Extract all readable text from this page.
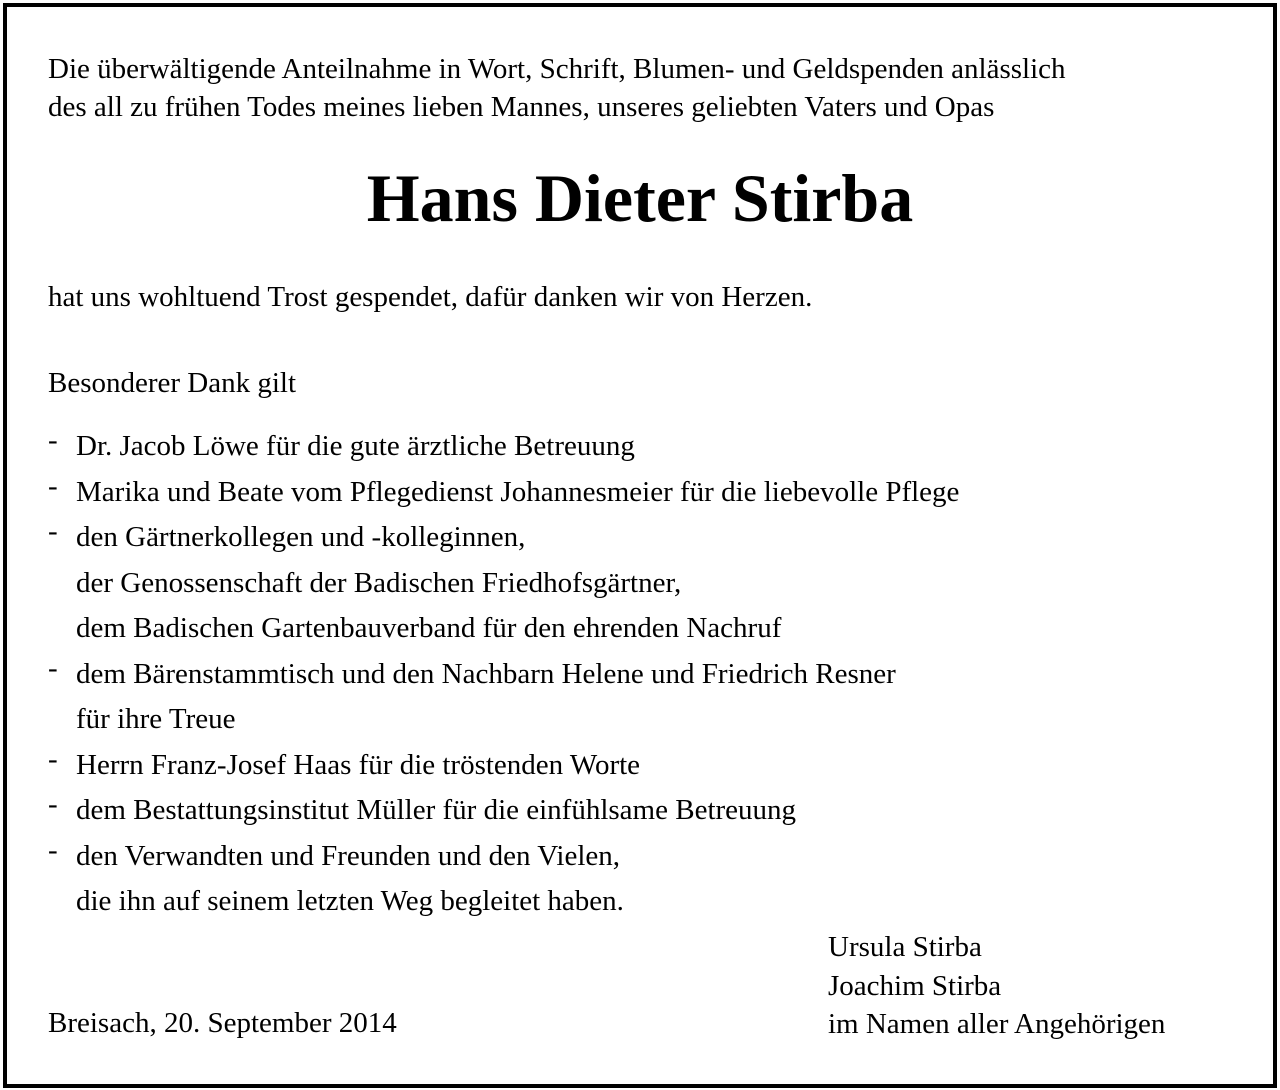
Die überwältigende Anteilnahme in Wort, Schrift, Blumen- und Geldspenden anlässlich
des all zu frühen Todes meines lieben Mannes, unseres geliebten Vaters und Opas
Hans Dieter Stirba
hat uns wohltuend Trost gespendet, dafür danken wir von Herzen.
Besonderer Dank gilt
- Dr. Jacob Löwe für die gute ärztliche Betreuung
- Marika und Beate vom Pflegedienst Johannesmeier für die liebevolle Pflege
- den Gärtnerkollegen und -kolleginnen,
der Genossenschaft der Badischen Friedhofsgärtner,
dem Badischen Gartenbauverband für den ehrenden Nachruf
- dem Bärenstammtisch und den Nachbarn Helene und Friedrich Resner
für ihre Treue
- Herrn Franz-Josef Haas für die tröstenden Worte
- dem Bestattungsinstitut Müller für die einfühlsame Betreuung
- den Verwandten und Freunden und den Vielen,
die ihn auf seinem letzten Weg begleitet haben.
Ursula Stirba
Joachim Stirba
im Namen aller Angehörigen
Breisach, 20. September 2014
